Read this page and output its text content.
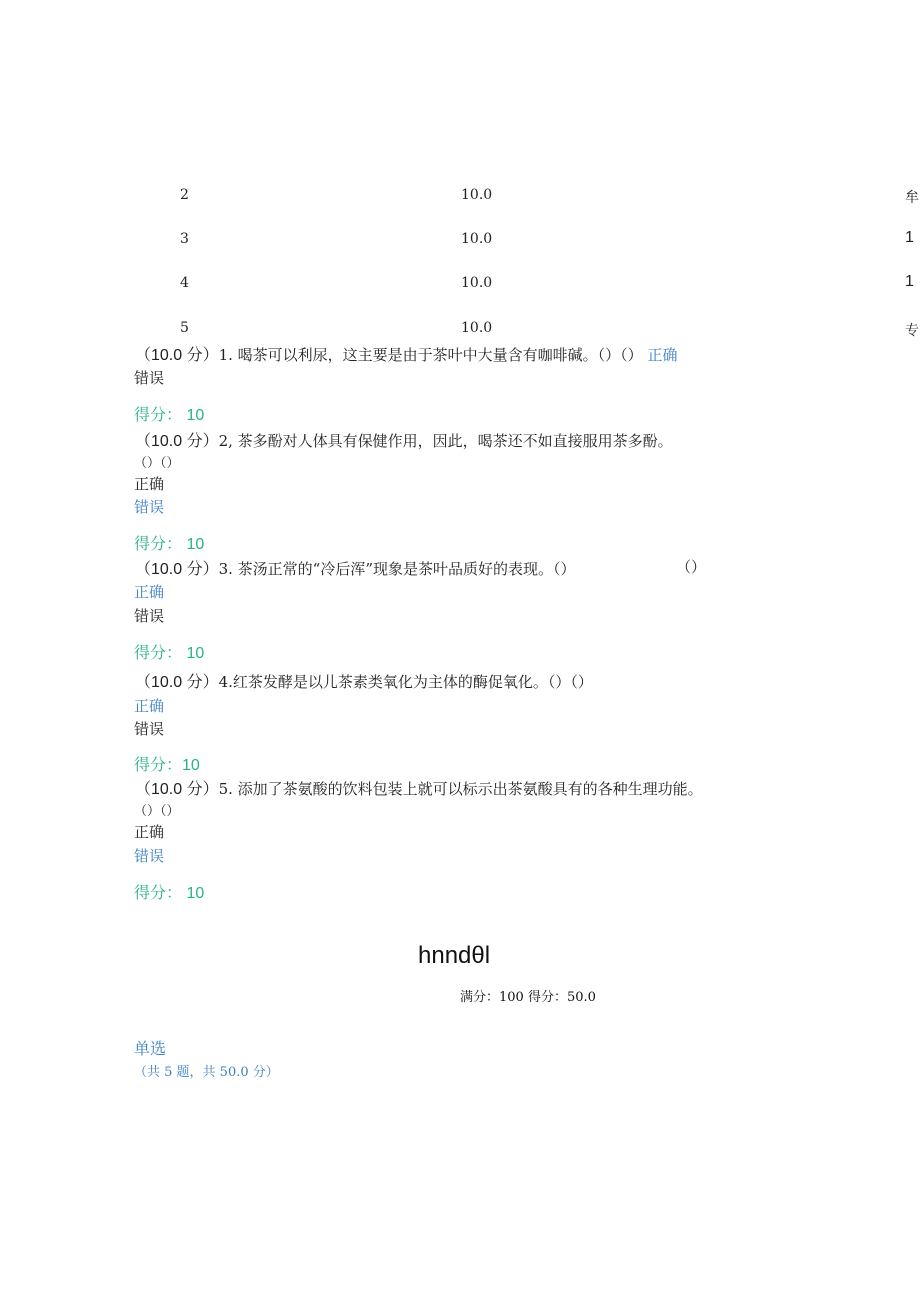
2	10.0	牟
3	10.0	1
4	10.0	1
5	10.0	专
（10.0 分）1. 喝茶可以利尿，这主要是由于茶叶中大量含有咖啡碱。（）（） 正确
错误
得分： 10
（10.0 分）2, 茶多酚对人体具有保健作用，因此，喝茶还不如直接服用茶多酚。
（）（）
正确
错误
得分： 10
（10.0 分）3. 茶汤正常的“冷后浑”现象是茶叶品质好的表现。（）	（）
正确
错误
得分： 10
（10.0 分）4.红茶发酵是以儿茶素类氧化为主体的酶促氧化。（）（）
正确
错误
得分：10
（10.0 分）5. 添加了茶氨酸的饮料包装上就可以标示出茶氨酸具有的各种生理功能。
（）（）
正确
错误
得分： 10
hnndθl
满分：100 得分：50.0
单选
（共 5 题，共 50.0 分）
